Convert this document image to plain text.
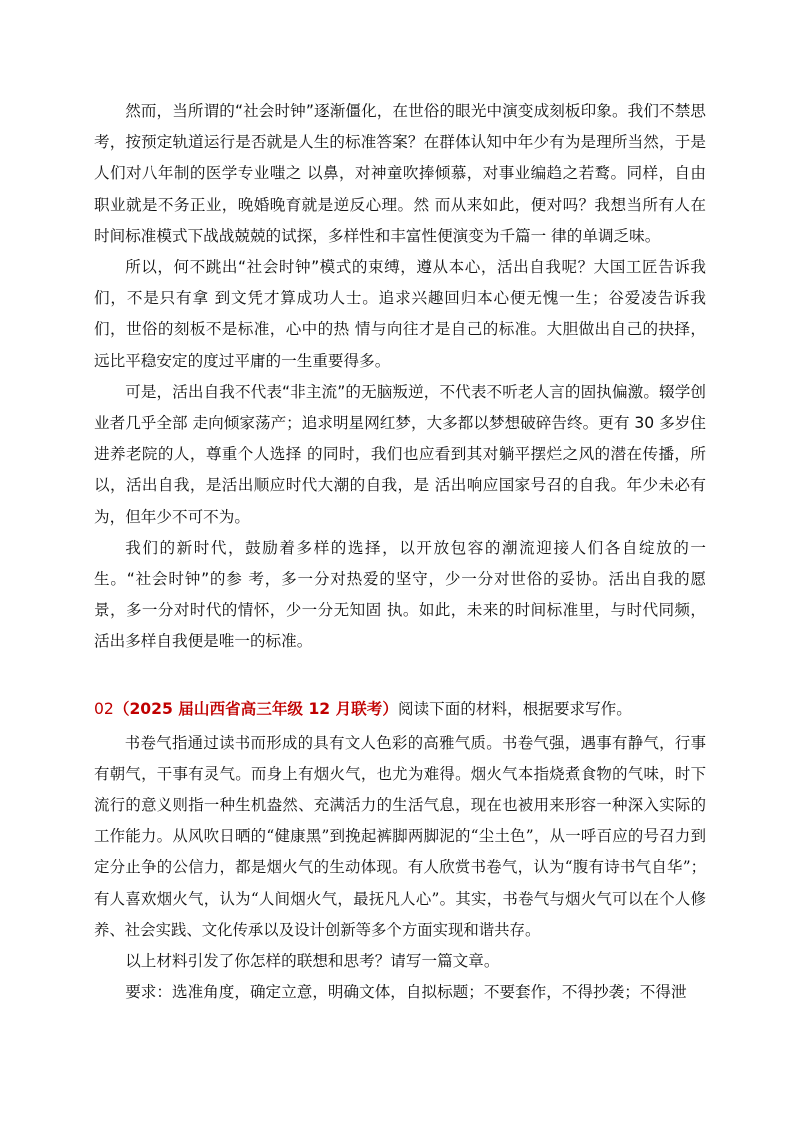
然而，当所谓的“社会时钟”逐渐僵化，在世俗的眼光中演变成刻板印象。我们不禁思考，按预定轨道运行是否就是人生的标准答案？在群体认知中年少有为是理所当然，于是人们对八年制的医学专业嗤之 以鼻，对神童吹捧倾慕，对事业编趋之若鹜。同样，自由职业就是不务正业，晚婚晚育就是逆反心理。然 而从来如此，便对吗？我想当所有人在时间标准模式下战战兢兢的试探，多样性和丰富性便演变为千篇一 律的单调乏味。

所以，何不跳出“社会时钟”模式的束缚，遵从本心，活出自我呢？大国工匠告诉我们，不是只有拿 到文凭才算成功人士。追求兴趣回归本心便无愧一生；谷爱凌告诉我们，世俗的刻板不是标准，心中的热 情与向往才是自己的标准。大胆做出自己的抉择，远比平稳安定的度过平庸的一生重要得多。

可是，活出自我不代表“非主流”的无脑叛逆，不代表不听老人言的固执偏激。辍学创业者几乎全部 走向倾家荡产；追求明星网红梦，大多都以梦想破碎告终。更有 30 多岁住进养老院的人，尊重个人选择 的同时，我们也应看到其对躺平摆烂之风的潜在传播，所以，活出自我，是活出顺应时代大潮的自我，是 活出响应国家号召的自我。年少未必有为，但年少不可不为。

我们的新时代，鼓励着多样的选择，以开放包容的潮流迎接人们各自绽放的一生。“社会时钟”的参 考，多一分对热爱的坚守，少一分对世俗的妥协。活出自我的愿景，多一分对时代的情怀，少一分无知固 执。如此，未来的时间标准里，与时代同频，活出多样自我便是唯一的标准。

02（2025 届山西省高三年级 12 月联考）阅读下面的材料，根据要求写作。

书卷气指通过读书而形成的具有文人色彩的高雅气质。书卷气强，遇事有静气，行事有朝气，干事有灵气。而身上有烟火气，也尤为难得。烟火气本指烧煮食物的气味，时下流行的意义则指一种生机盎然、充满活力的生活气息，现在也被用来形容一种深入实际的工作能力。从风吹日晒的“健康黑”到挽起裤脚两脚泥的“尘土色”，从一呼百应的号召力到定分止争的公信力，都是烟火气的生动体现。有人欣赏书卷气，认为“腹有诗书气自华”；有人喜欢烟火气，认为“人间烟火气，最抚凡人心”。其实，书卷气与烟火气可以在个人修养、社会实践、文化传承以及设计创新等多个方面实现和谐共存。

以上材料引发了你怎样的联想和思考？请写一篇文章。

要求：选准角度，确定立意，明确文体，自拟标题；不要套作，不得抄袭；不得泄
